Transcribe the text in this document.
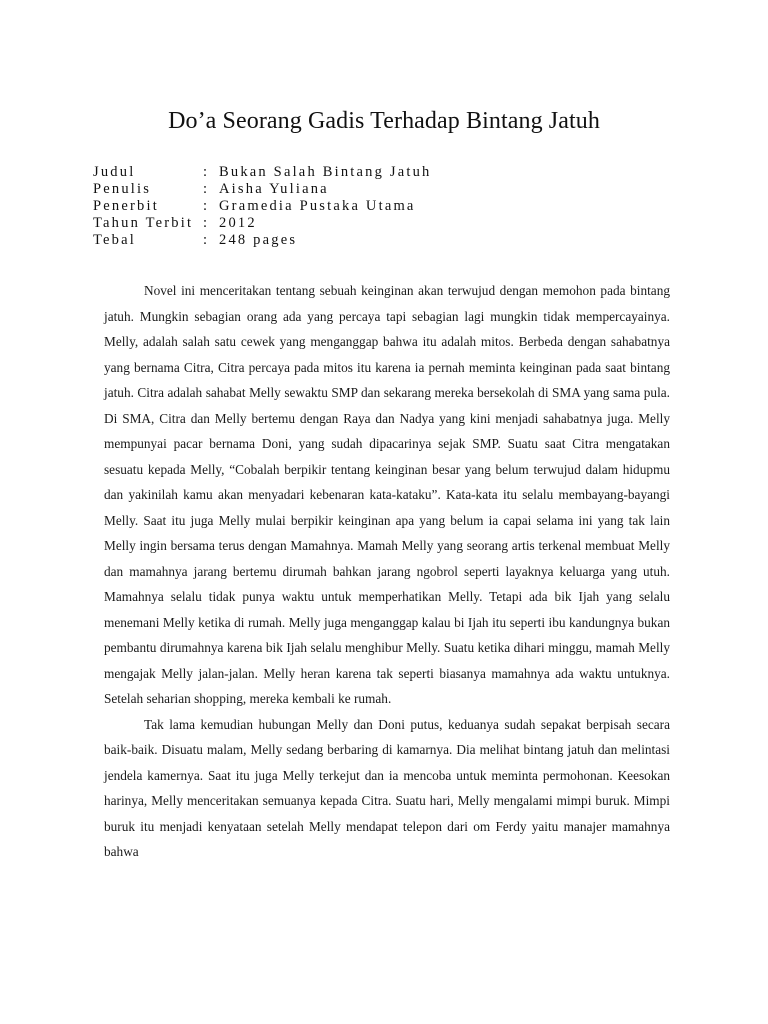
Do’a Seorang Gadis Terhadap Bintang Jatuh
Judul	: Bukan Salah Bintang Jatuh
Penulis	: Aisha Yuliana
Penerbit	: Gramedia Pustaka Utama
Tahun Terbit : 2012
Tebal	: 248 pages

Novel ini menceritakan tentang sebuah keinginan akan terwujud dengan memohon pada bintang jatuh. Mungkin sebagian orang ada yang percaya tapi sebagian lagi mungkin tidak mempercayainya. Melly, adalah salah satu cewek yang menganggap bahwa itu adalah mitos. Berbeda dengan sahabatnya yang bernama Citra, Citra percaya pada mitos itu karena ia pernah meminta keinginan pada saat bintang jatuh. Citra adalah sahabat Melly sewaktu SMP dan sekarang mereka bersekolah di SMA yang sama pula. Di SMA, Citra dan Melly bertemu dengan Raya dan Nadya yang kini menjadi sahabatnya juga. Melly mempunyai pacar bernama Doni, yang sudah dipacarinya sejak SMP. Suatu saat Citra mengatakan sesuatu kepada Melly, “Cobalah berpikir tentang keinginan besar yang belum terwujud dalam hidupmu dan yakinilah kamu akan menyadari kebenaran kata-kataku”. Kata-kata itu selalu membayang-bayangi Melly. Saat itu juga Melly mulai berpikir keinginan apa yang belum ia capai selama ini yang tak lain Melly ingin bersama terus dengan Mamahnya. Mamah Melly yang seorang artis terkenal membuat Melly dan mamahnya jarang bertemu dirumah bahkan jarang ngobrol seperti layaknya keluarga yang utuh. Mamahnya selalu tidak punya waktu untuk memperhatikan Melly. Tetapi ada bik Ijah yang selalu menemani Melly ketika di rumah. Melly juga menganggap kalau bi Ijah itu seperti ibu kandungnya bukan pembantu dirumahnya karena bik Ijah selalu menghibur Melly. Suatu ketika dihari minggu, mamah Melly mengajak Melly jalan-jalan. Melly heran karena tak seperti biasanya mamahnya ada waktu untuknya. Setelah seharian shopping, mereka kembali ke rumah.

Tak lama kemudian hubungan Melly dan Doni putus, keduanya sudah sepakat berpisah secara baik-baik. Disuatu malam, Melly sedang berbaring di kamarnya. Dia melihat bintang jatuh dan melintasi jendela kamernya. Saat itu juga Melly terkejut dan ia mencoba untuk meminta permohonan. Keesokan harinya, Melly menceritakan semuanya kepada Citra. Suatu hari, Melly mengalami mimpi buruk. Mimpi buruk itu menjadi kenyataan setelah Melly mendapat telepon dari om Ferdy yaitu manajer mamahnya bahwa
